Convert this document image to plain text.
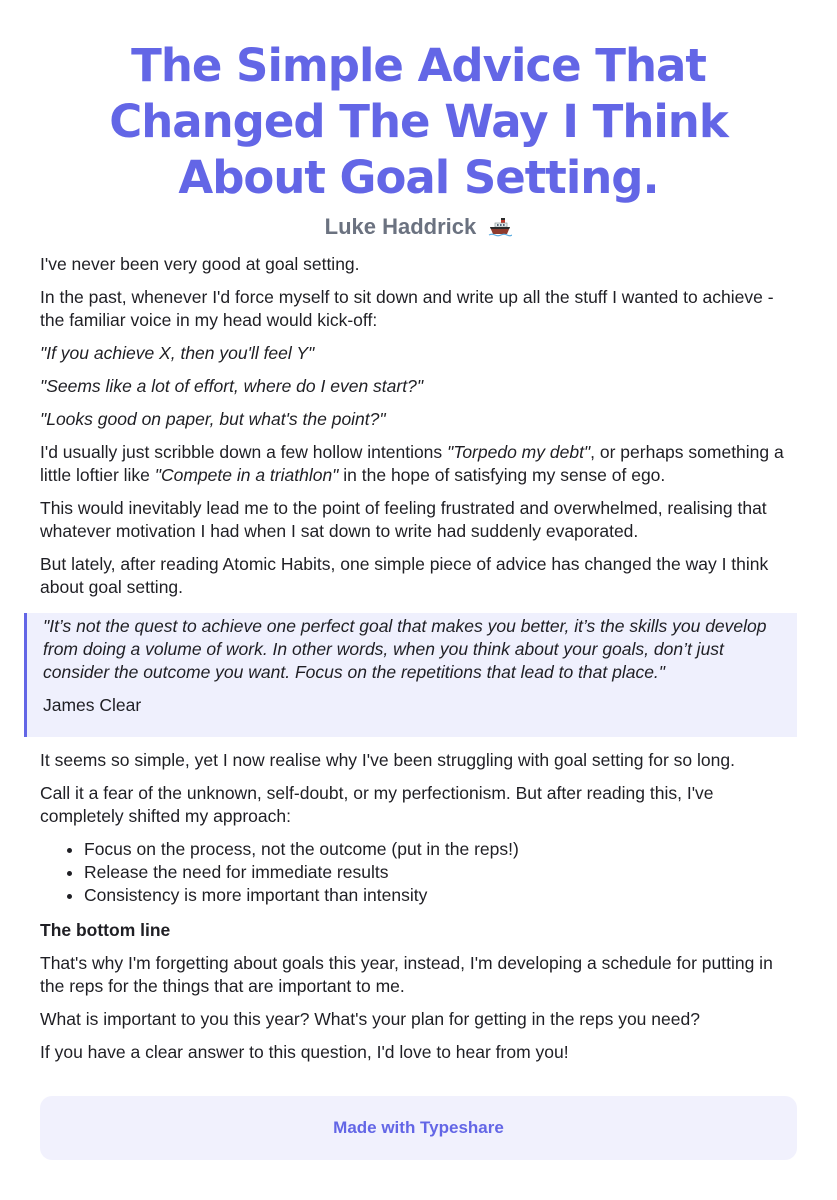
The Simple Advice That Changed The Way I Think About Goal Setting.
Luke Haddrick

I've never been very good at goal setting.

In the past, whenever I'd force myself to sit down and write up all the stuff I wanted to achieve - the familiar voice in my head would kick-off:

"If you achieve X, then you'll feel Y"

"Seems like a lot of effort, where do I even start?"

"Looks good on paper, but what's the point?"

I'd usually just scribble down a few hollow intentions "Torpedo my debt", or perhaps something a little loftier like "Compete in a triathlon" in the hope of satisfying my sense of ego.

This would inevitably lead me to the point of feeling frustrated and overwhelmed, realising that whatever motivation I had when I sat down to write had suddenly evaporated.

But lately, after reading Atomic Habits, one simple piece of advice has changed the way I think about goal setting.

"It’s not the quest to achieve one perfect goal that makes you better, it’s the skills you develop from doing a volume of work. In other words, when you think about your goals, don’t just consider the outcome you want. Focus on the repetitions that lead to that place."

James Clear

It seems so simple, yet I now realise why I've been struggling with goal setting for so long.

Call it a fear of the unknown, self-doubt, or my perfectionism. But after reading this, I've completely shifted my approach:

• Focus on the process, not the outcome (put in the reps!)
• Release the need for immediate results
• Consistency is more important than intensity

The bottom line

That's why I'm forgetting about goals this year, instead, I'm developing a schedule for putting in the reps for the things that are important to me.

What is important to you this year? What's your plan for getting in the reps you need?

If you have a clear answer to this question, I'd love to hear from you!

Made with Typeshare
